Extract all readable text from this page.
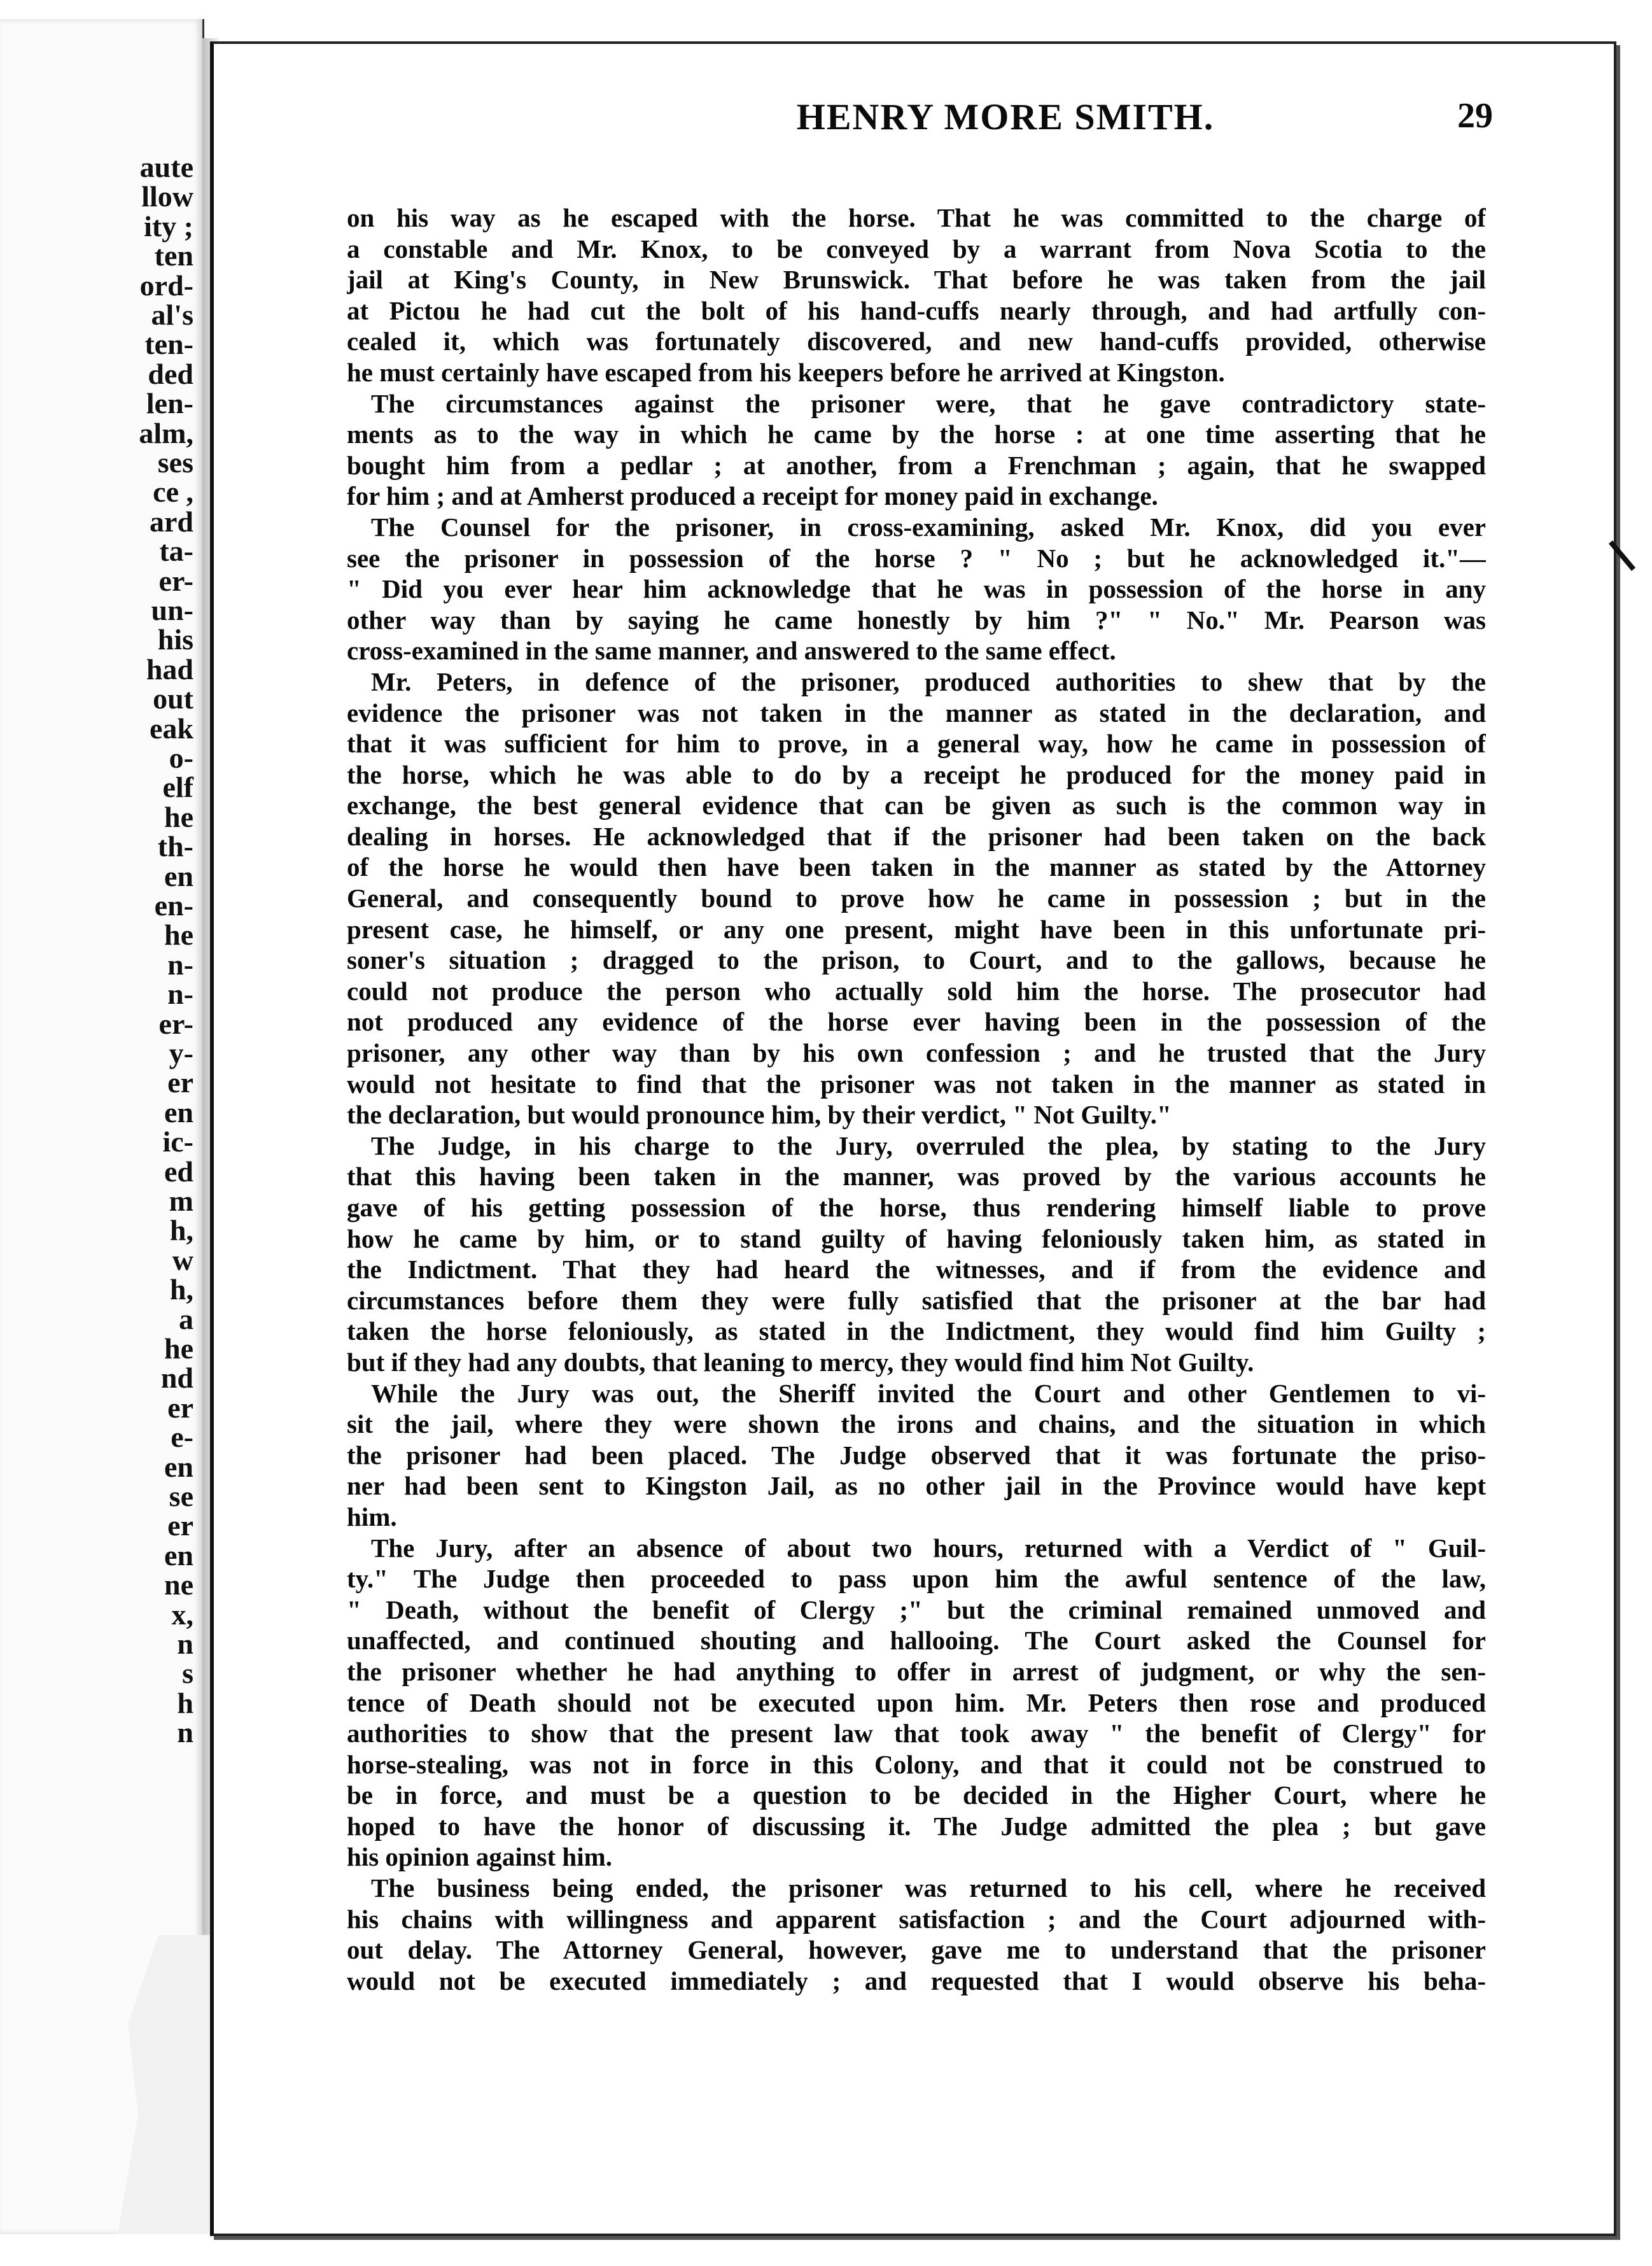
aute
llow
ity ;
ten
ord-
al's
ten-
ded
len-
alm,
ses
ce ,
ard
ta-
er-
un-
his
had
out
eak
o-
elf
he
th-
en
en-
he
n-
n-
er-
y-
er
en
ic-
ed
m
h,
w
h,
a
he
nd
er
e-
en
se
er
en
ne
x,
n
s
h
n
HENRY MORE SMITH.	29
on his way as he escaped with the horse. That he was committed to the charge of
a constable and Mr. Knox, to be conveyed by a warrant from Nova Scotia to the
jail at King's County, in New Brunswick. That before he was taken from the jail
at Pictou he had cut the bolt of his hand-cuffs nearly through, and had artfully con-
cealed it, which was fortunately discovered, and new hand-cuffs provided, otherwise
he must certainly have escaped from his keepers before he arrived at Kingston.
The circumstances against the prisoner were, that he gave contradictory state-
ments as to the way in which he came by the horse : at one time asserting that he
bought him from a pedlar ; at another, from a Frenchman ; again, that he swapped
for him ; and at Amherst produced a receipt for money paid in exchange.
The Counsel for the prisoner, in cross-examining, asked Mr. Knox, did you ever
see the prisoner in possession of the horse ? " No ; but he acknowledged it."—
" Did you ever hear him acknowledge that he was in possession of the horse in any
other way than by saying he came honestly by him ?" " No." Mr. Pearson was
cross-examined in the same manner, and answered to the same effect.
Mr. Peters, in defence of the prisoner, produced authorities to shew that by the
evidence the prisoner was not taken in the manner as stated in the declaration, and
that it was sufficient for him to prove, in a general way, how he came in possession of
the horse, which he was able to do by a receipt he produced for the money paid in
exchange, the best general evidence that can be given as such is the common way in
dealing in horses. He acknowledged that if the prisoner had been taken on the back
of the horse he would then have been taken in the manner as stated by the Attorney
General, and consequently bound to prove how he came in possession ; but in the
present case, he himself, or any one present, might have been in this unfortunate pri-
soner's situation ; dragged to the prison, to Court, and to the gallows, because he
could not produce the person who actually sold him the horse. The prosecutor had
not produced any evidence of the horse ever having been in the possession of the
prisoner, any other way than by his own confession ; and he trusted that the Jury
would not hesitate to find that the prisoner was not taken in the manner as stated in
the declaration, but would pronounce him, by their verdict, " Not Guilty."
The Judge, in his charge to the Jury, overruled the plea, by stating to the Jury
that this having been taken in the manner, was proved by the various accounts he
gave of his getting possession of the horse, thus rendering himself liable to prove
how he came by him, or to stand guilty of having feloniously taken him, as stated in
the Indictment. That they had heard the witnesses, and if from the evidence and
circumstances before them they were fully satisfied that the prisoner at the bar had
taken the horse feloniously, as stated in the Indictment, they would find him Guilty ;
but if they had any doubts, that leaning to mercy, they would find him Not Guilty.
While the Jury was out, the Sheriff invited the Court and other Gentlemen to vi-
sit the jail, where they were shown the irons and chains, and the situation in which
the prisoner had been placed. The Judge observed that it was fortunate the priso-
ner had been sent to Kingston Jail, as no other jail in the Province would have kept
him.
The Jury, after an absence of about two hours, returned with a Verdict of " Guil-
ty." The Judge then proceeded to pass upon him the awful sentence of the law,
" Death, without the benefit of Clergy ;" but the criminal remained unmoved and
unaffected, and continued shouting and hallooing. The Court asked the Counsel for
the prisoner whether he had anything to offer in arrest of judgment, or why the sen-
tence of Death should not be executed upon him. Mr. Peters then rose and produced
authorities to show that the present law that took away " the benefit of Clergy" for
horse-stealing, was not in force in this Colony, and that it could not be construed to
be in force, and must be a question to be decided in the Higher Court, where he
hoped to have the honor of discussing it. The Judge admitted the plea ; but gave
his opinion against him.
The business being ended, the prisoner was returned to his cell, where he received
his chains with willingness and apparent satisfaction ; and the Court adjourned with-
out delay. The Attorney General, however, gave me to understand that the prisoner
would not be executed immediately ; and requested that I would observe his beha-
